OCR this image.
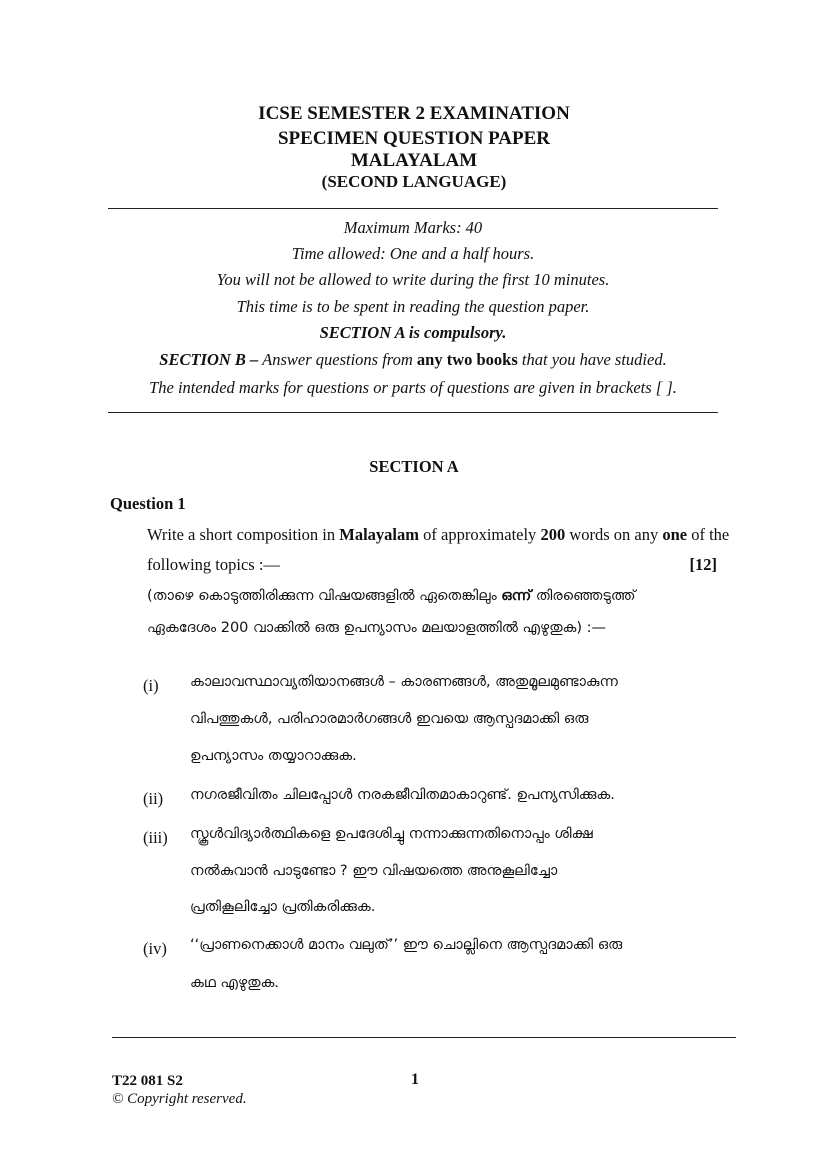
ICSE SEMESTER 2 EXAMINATION
SPECIMEN QUESTION PAPER
MALAYALAM
(SECOND LANGUAGE)
Maximum Marks: 40
Time allowed: One and a half hours.
You will not be allowed to write during the first 10 minutes.
This time is to be spent in reading the question paper.
SECTION A is compulsory.
SECTION B – Answer questions from any two books that you have studied.
The intended marks for questions or parts of questions are given in brackets [ ].
SECTION A
Question 1
Write a short composition in Malayalam of approximately 200 words on any one of the
following topics :—	[12]
(താഴെ കൊടുത്തിരിക്കുന്ന വിഷയങ്ങളിൽ ഏതെങ്കിലും ഒന്ന് തിരഞ്ഞെടുത്ത്
ഏകദേശം 200 വാക്കിൽ ഒരു ഉപന്യാസം മലയാളത്തിൽ എഴുതുക) :—
(i) കാലാവസ്ഥാവ്യതിയാനങ്ങൾ – കാരണങ്ങൾ, അതുമൂലമുണ്ടാകുന്ന
വിപത്തുകൾ, പരിഹാരമാർഗങ്ങൾ ഇവയെ ആസ്പദമാക്കി ഒരു
ഉപന്യാസം തയ്യാറാക്കുക.
(ii) നഗരജീവിതം ചിലപ്പോൾ നരകജീവിതമാകാറുണ്ട്. ഉപന്യസിക്കുക.
(iii) സ്കൂൾവിദ്യാർത്ഥികളെ ഉപദേശിച്ചു നന്നാക്കുന്നതിനൊപ്പം ശിക്ഷ
നൽകുവാൻ പാടുണ്ടോ ? ഈ വിഷയത്തെ അനുകൂലിച്ചോ
പ്രതികൂലിച്ചോ പ്രതികരിക്കുക.
(iv) ‘‘പ്രാണനെക്കാൾ മാനം വലുത്’’ ഈ ചൊല്ലിനെ ആസ്പദമാക്കി ഒരു
കഥ എഴുതുക.
T22 081 S2	1
© Copyright reserved.
